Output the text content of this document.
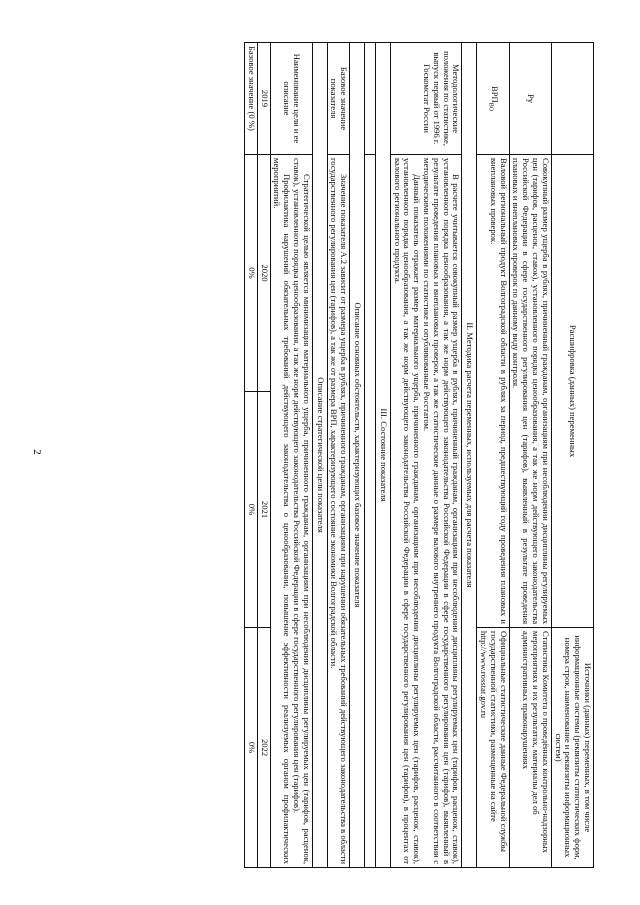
2
		Расшифровка (данных) переменных		Источники (данных) переменных, в том числе информационные системы (реквизиты статистических форм, номера строк, наименование и реквизиты информационных систем)
Ру	Совокупный размер ущерба в рублях, причиненный гражданам, организациям при несоблюдении дисциплины регулируемых цен (тарифов, расценок, ставок), установленного порядка ценообразования, а так же норм действующего законодательства Российской Федерации в сфере государственного регулирования цен (тарифов), выявленный в результате проведения плановых и внеплановых проверок по данному виду контроля.		Статистика Комитета о проведённых контрольно-надзорных мероприятиях и их результатах, материалы дел об административных правонарушениях
$ВРП_{ВО}$	Валовой региональный продукт Волгоградской области в рублях за период, предшествующий году проведения плановых и внеплановых проверок.		Официальные статистические данные Федеральной службы государственной статистики, размещенные на сайте http://www.rosstat.gov.ru
II. Методика расчета переменных, используемых для расчета показателя			
Методологические положения по статистике, выпуск первый от 1996 г. Госкомстат России	В расчете учитывается совокупный размер ущерба в рублях, причиненный гражданам, организациям при несоблюдении дисциплины регулируемых цен (тарифов, расценок, ставок), установленного порядка ценообразования, а так же норм действующего законодательства Российской Федерации в сфере государственного регулирования цен (тарифов), выявленный в результате проведения плановых и внеплановых проверок, а так же статистические данные о размере валового внутреннего продукта Волгоградской области, рассчитанного в соответствии с методическими положениями по статистике и опубликованные Росстатом.

Данный показатель отражает размер материального ущерба, причиненного гражданам, организациям при несоблюдении дисциплины регулируемых цен (тарифов, расценок, ставок), установленного порядка ценообразования, а так же норм действующего законодательства Российской Федерации в сфере государственного регулирования цен (тарифов), в процентах от валового регионального продукта.		

III. Состояние показателя			

Описание основных обстоятельств, характеризующих базовое значение показателя			
Базовое значение показателя	Значение показателя А.2 зависит от размера ущерба в рублях, причиненного гражданам, организациям при нарушении обязательных требований действующего законодательства в области государственного регулирования цен (тарифов), а так же от размера ВРП, характеризующего состояние экономики Волгоградской области.		
Описание стратегической цели показателя			
Наименование цели и ее описание	Стратегической целью является минимизация материального ущерба, причиненного гражданам, организациям при несоблюдении дисциплины регулируемых цен (тарифов, расценок, ставок), установленного порядка ценообразования, а так же норм действующего законодательства Российской Федерации в сфере государственного регулирования цен (тарифов).

Профилактика нарушений обязательных требований действующего законодательства о ценообразовании, повышение эффективности реализуемых органом профилактических мероприятий.		

2019	2020	2021	2022
Базовое значение (0 %)	0%	0%	0%
